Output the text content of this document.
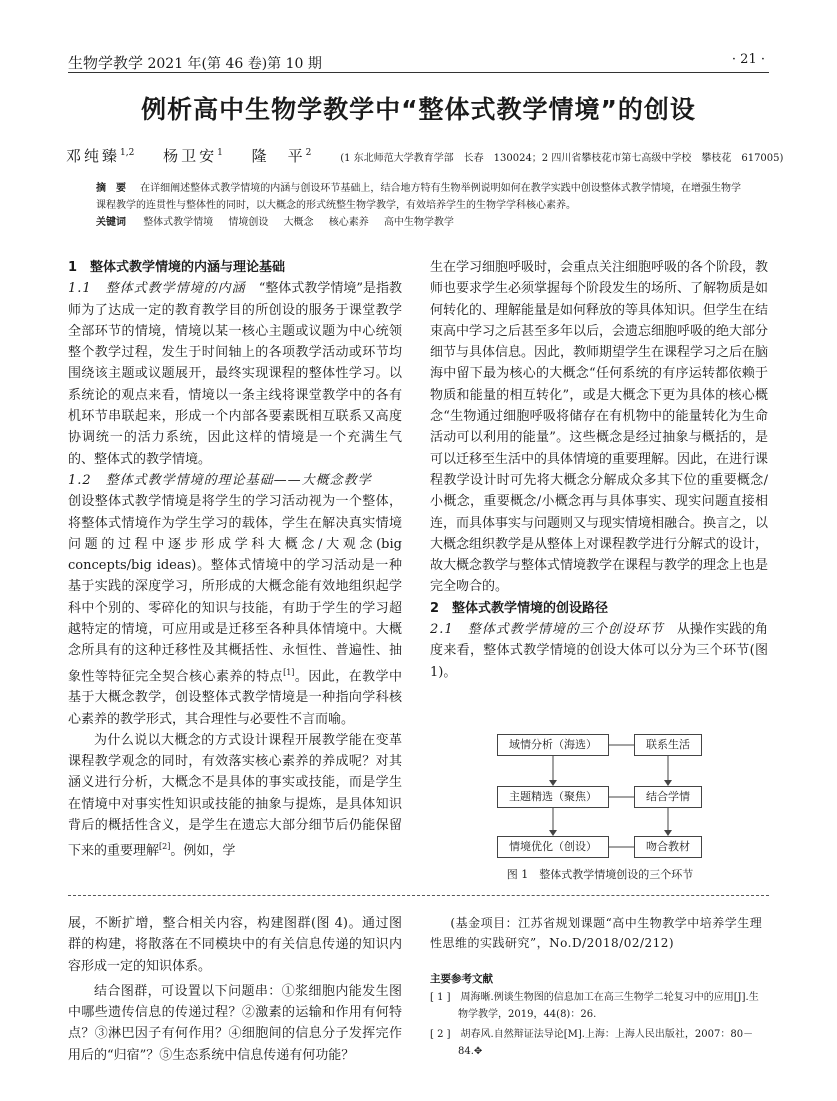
生物学教学 2021 年(第 46 卷)第 10 期	· 21 ·
例析高中生物学教学中“整体式教学情境”的创设
邓纯臻$^{1,2}$ 杨卫安$^1$ 隆　平$^2$	(1 东北师范大学教育学部　长春　130024；2 四川省攀枝花市第七高级中学校　攀枝花　617005)
摘　要 在详细阐述整体式教学情境的内涵与创设环节基础上，结合地方特有生物举例说明如何在教学实践中创设整体式教学情境，在增强生物学课程教学的连贯性与整体性的同时，以大概念的形式统整生物学教学，有效培养学生的生物学学科核心素养。
关键词 整体式教学情境 情境创设 大概念 核心素养 高中生物学教学

1　整体式教学情境的内涵与理论基础

1.1　整体式教学情境的内涵　“整体式教学情境”是指教师为了达成一定的教育教学目的所创设的服务于课堂教学全部环节的情境，情境以某一核心主题或议题为中心统领整个教学过程，发生于时间轴上的各项教学活动或环节均围绕该主题或议题展开，最终实现课程的整体性学习。以系统论的观点来看，情境以一条主线将课堂教学中的各有机环节串联起来，形成一个内部各要素既相互联系又高度协调统一的活力系统，因此这样的情境是一个充满生气的、整体式的教学情境。

1.2　整体式教学情境的理论基础——大概念教学

创设整体式教学情境是将学生的学习活动视为一个整体，将整体式情境作为学生学习的载体，学生在解决真实情境问题的过程中逐步形成学科大概念/大观念(big concepts/big ideas)。整体式情境中的学习活动是一种基于实践的深度学习，所形成的大概念能有效地组织起学科中个别的、零碎化的知识与技能，有助于学生的学习超越特定的情境，可应用或是迁移至各种具体情境中。大概念所具有的这种迁移性及其概括性、永恒性、普遍性、抽象性等特征完全契合核心素养的特点[1]。因此，在教学中基于大概念教学，创设整体式教学情境是一种指向学科核心素养的教学形式，其合理性与必要性不言而喻。

为什么说以大概念的方式设计课程开展教学能在变革课程教学观念的同时，有效落实核心素养的养成呢？对其涵义进行分析，大概念不是具体的事实或技能，而是学生在情境中对事实性知识或技能的抽象与提炼，是具体知识背后的概括性含义，是学生在遗忘大部分细节后仍能保留下来的重要理解[2]。例如，学

生在学习细胞呼吸时，会重点关注细胞呼吸的各个阶段，教师也要求学生必须掌握每个阶段发生的场所、了解物质是如何转化的、理解能量是如何释放的等具体知识。但学生在结束高中学习之后甚至多年以后，会遗忘细胞呼吸的绝大部分细节与具体信息。因此，教师期望学生在课程学习之后在脑海中留下最为核心的大概念“任何系统的有序运转都依赖于物质和能量的相互转化”，或是大概念下更为具体的核心概念“生物通过细胞呼吸将储存在有机物中的能量转化为生命活动可以利用的能量”。这些概念是经过抽象与概括的，是可以迁移至生活中的具体情境的重要理解。因此，在进行课程教学设计时可先将大概念分解成众多其下位的重要概念/小概念，重要概念/小概念再与具体事实、现实问题直接相连，而具体事实与问题则又与现实情境相融合。换言之，以大概念组织教学是从整体上对课程教学进行分解式的设计，故大概念教学与整体式情境教学在课程与教学的理念上也是完全吻合的。

2　整体式教学情境的创设路径

2.1　整体式教学情境的三个创设环节　从操作实践的角度来看，整体式教学情境的创设大体可以分为三个环节(图 1)。

域情分析（海选）	联系生活
主题精选（聚焦）	结合学情
情境优化（创设）	吻合教材
图 1　整体式教学情境创设的三个环节

展，不断扩增，整合相关内容，构建图群(图 4)。通过图群的构建，将散落在不同模块中的有关信息传递的知识内容形成一定的知识体系。

结合图群，可设置以下问题串：①浆细胞内能发生图中哪些遗传信息的传递过程？②激素的运输和作用有何特点？③淋巴因子有何作用？④细胞间的信息分子发挥完作用后的“归宿”？⑤生态系统中信息传递有何功能？

(基金项目：江苏省规划课题“高中生物教学中培养学生理性思维的实践研究”，No.D/2018/02/212)

主要参考文献
[ 1 ]　 周海晰.例谈生物图的信息加工在高三生物学二轮复习中的应用[J].生物学教学，2019，44(8)：26.
[ 2 ]　 胡春风.自然辩证法导论[M].上海：上海人民出版社，2007：80－84.✥
